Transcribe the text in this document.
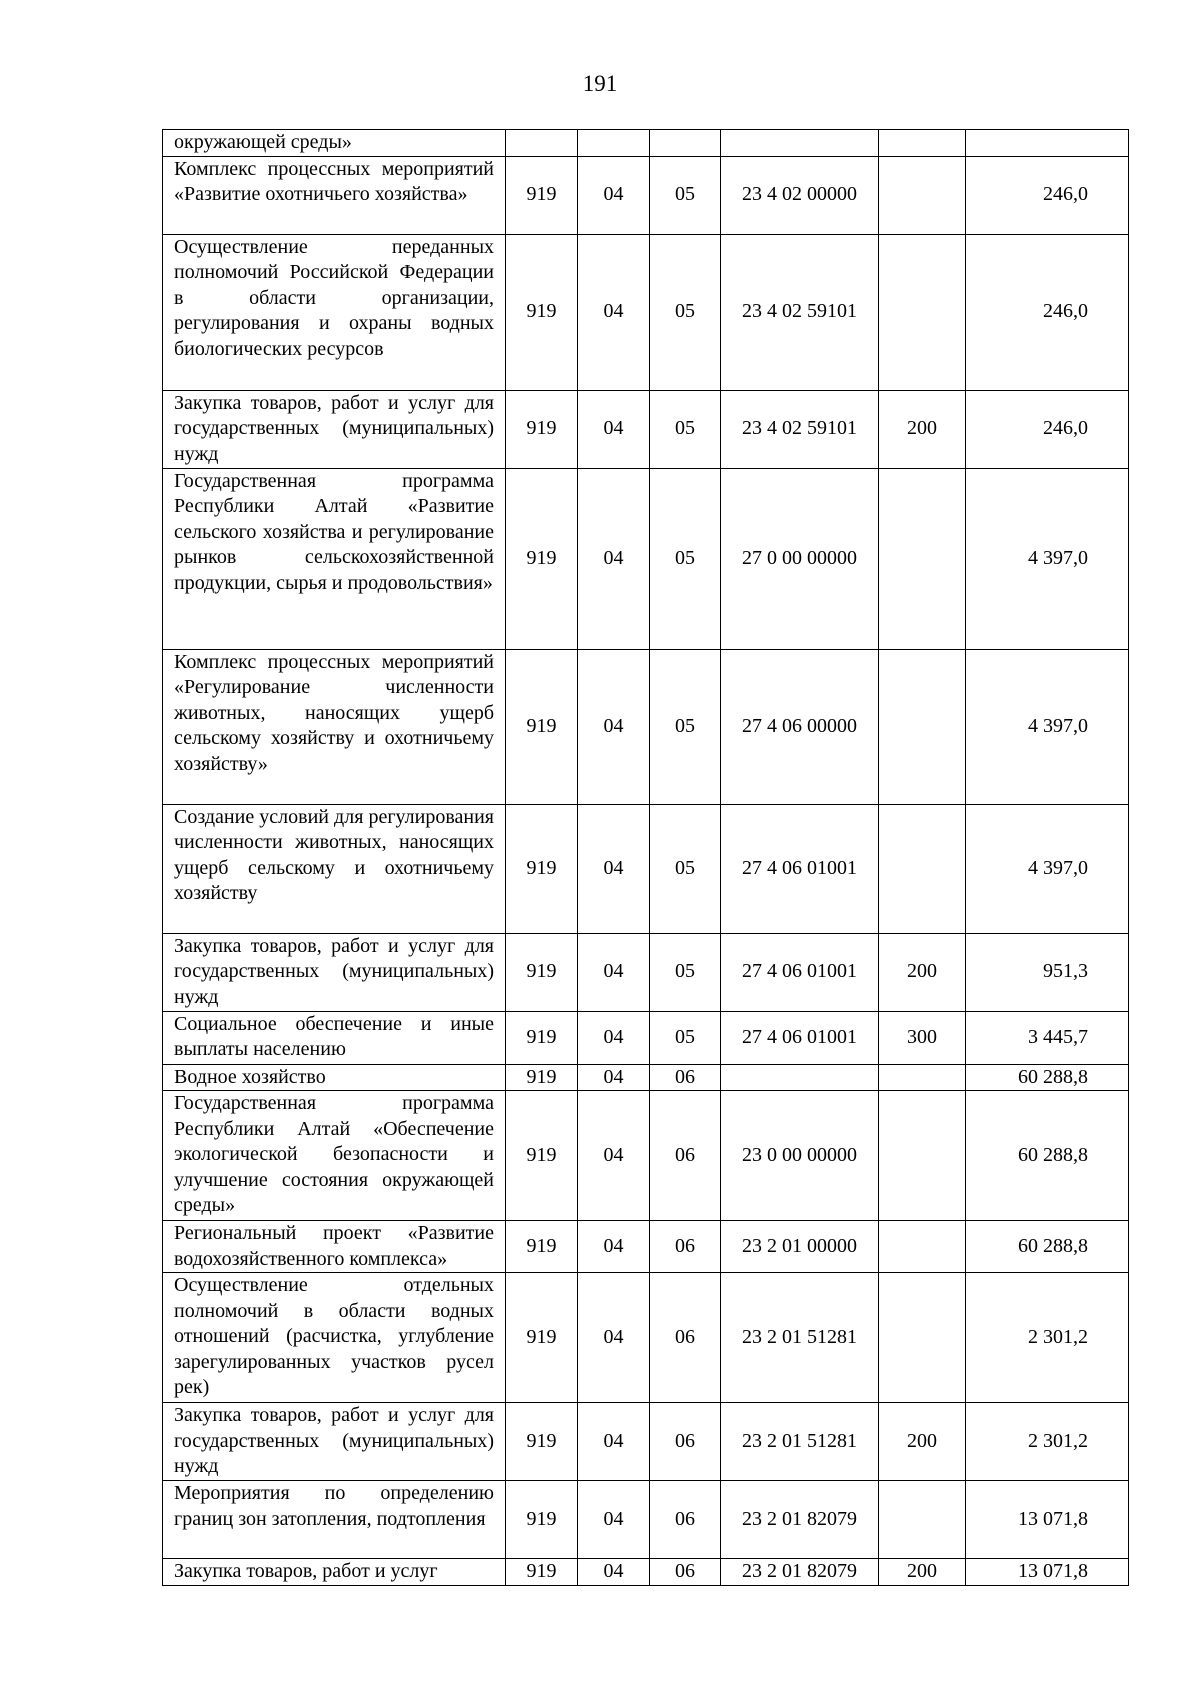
191
окружающей среды»						

Комплекс процессных мероприятий «Развитие охотничьего хозяйства»	919	04	05	23 4 02 00000		246,0

Осуществление переданных полномочий Российской Федерации в области организации, регулирования и охраны водных биологических ресурсов	919	04	05	23 4 02 59101		246,0

Закупка товаров, работ и услуг для государственных (муниципальных) нужд	919	04	05	23 4 02 59101	200	246,0

Государственная программа Республики Алтай «Развитие сельского хозяйства и регулирование рынков сельскохозяйственной продукции, сырья и продовольствия»	919	04	05	27 0 00 00000		4 397,0

Комплекс процессных мероприятий «Регулирование численности животных, наносящих ущерб сельскому хозяйству и охотничьему хозяйству»	919	04	05	27 4 06 00000		4 397,0

Создание условий для регулирования численности животных, наносящих ущерб сельскому и охотничьему хозяйству	919	04	05	27 4 06 01001		4 397,0

Закупка товаров, работ и услуг для государственных (муниципальных) нужд	919	04	05	27 4 06 01001	200	951,3

Социальное обеспечение и иные выплаты населению	919	04	05	27 4 06 01001	300	3 445,7

Водное хозяйство	919	04	06			60 288,8

Государственная программа Республики Алтай «Обеспечение экологической безопасности и улучшение состояния окружающей среды»	919	04	06	23 0 00 00000		60 288,8

Региональный проект «Развитие водохозяйственного комплекса»	919	04	06	23 2 01 00000		60 288,8

Осуществление отдельных полномочий в области водных отношений (расчистка, углубление зарегулированных участков русел рек)	919	04	06	23 2 01 51281		2 301,2

Закупка товаров, работ и услуг для государственных (муниципальных) нужд	919	04	06	23 2 01 51281	200	2 301,2

Мероприятия по определению границ зон затопления, подтопления	919	04	06	23 2 01 82079		13 071,8

Закупка товаров, работ и услуг	919	04	06	23 2 01 82079	200	13 071,8
